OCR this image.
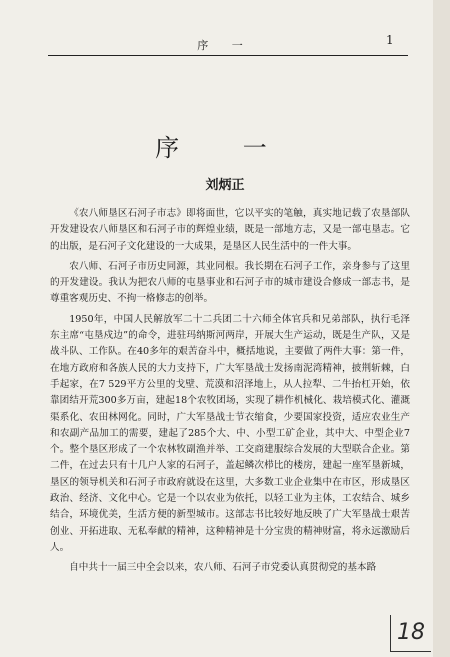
序 一	1
序 一
刘炳正

《农八师垦区石河子市志》即将面世，它以平实的笔触，真实地记载了农垦部队开发建设农八师垦区和石河子市的辉煌业绩，既是一部地方志，又是一部屯垦志。它的出版，是石河子文化建设的一大成果，是垦区人民生活中的一件大事。

农八师、石河子市历史同源，其业同根。我长期在石河子工作，亲身参与了这里的开发建设。我认为把农八师的屯垦事业和石河子市的城市建设合修成一部志书，是尊重客观历史、不拘一格修志的创举。

1950年，中国人民解放军二十二兵团二十六师全体官兵和兄弟部队，执行毛泽东主席“屯垦戍边”的命令，进驻玛纳斯河两岸，开展大生产运动，既是生产队，又是战斗队、工作队。在40多年的艰苦奋斗中，概括地说，主要做了两件大事：第一件，在地方政府和各族人民的大力支持下，广大军垦战士发扬南泥湾精神，披荆斩棘，白手起家，在7 529平方公里的戈壁、荒漠和沼泽地上，从人拉犁、二牛抬杠开始，依靠团结开荒300多万亩，建起18个农牧团场，实现了耕作机械化、栽培模式化、灌溉渠系化、农田林网化。同时，广大军垦战士节衣缩食，少要国家投资，适应农业生产和农副产品加工的需要，建起了285个大、中、小型工矿企业，其中大、中型企业7个。整个垦区形成了一个农林牧副渔并举、工交商建服综合发展的大型联合企业。第二件，在过去只有十几户人家的石河子，盖起鳞次栉比的楼房，建起一座军垦新城，垦区的领导机关和石河子市政府就设在这里，大多数工业企业集中在市区，形成垦区政治、经济、文化中心。它是一个以农业为依托，以轻工业为主体，工农结合、城乡结合，环境优美，生活方便的新型城市。这部志书比较好地反映了广大军垦战士艰苦创业、开拓进取、无私奉献的精神，这种精神是十分宝贵的精神财富，将永远激励后人。

自中共十一届三中全会以来，农八师、石河子市党委认真贯彻党的基本路

18
